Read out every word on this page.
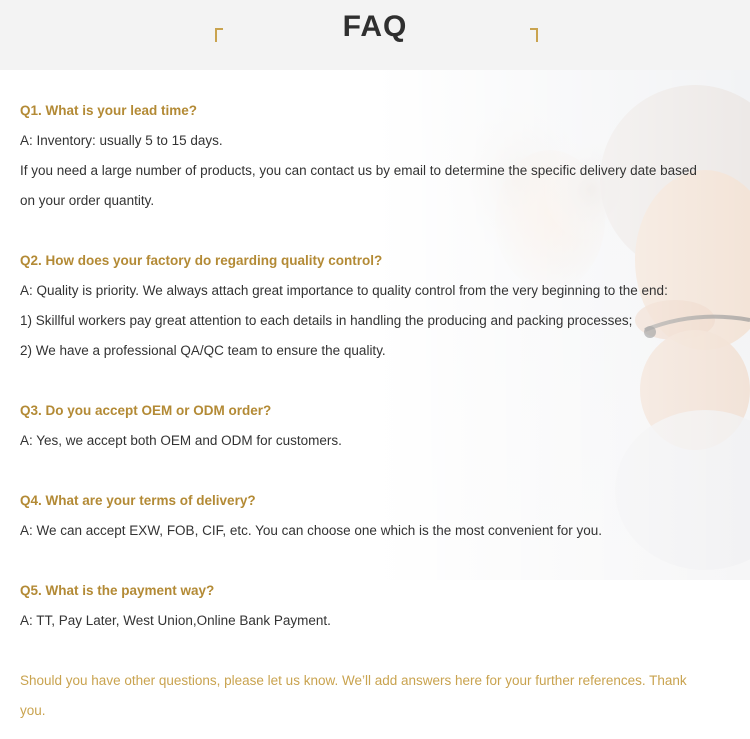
FAQ
Q1. What is your lead time?
A: Inventory: usually 5 to 15 days.
If you need a large number of products, you can contact us by email to determine the specific delivery date based
on your order quantity.
Q2. How does your factory do regarding quality control?
A: Quality is priority. We always attach great importance to quality control from the very beginning to the end:
1) Skillful workers pay great attention to each details in handling the producing and packing processes;
2) We have a professional QA/QC team to ensure the quality.
Q3. Do you accept OEM or ODM order?
A: Yes, we accept both OEM and ODM for customers.
Q4. What are your terms of delivery?
A: We can accept EXW, FOB, CIF, etc. You can choose one which is the most convenient for you.
Q5. What is the payment way?
A: TT, Pay Later, West Union,Online Bank Payment.
Should you have other questions, please let us know. We’ll add answers here for your further references. Thank
you.
